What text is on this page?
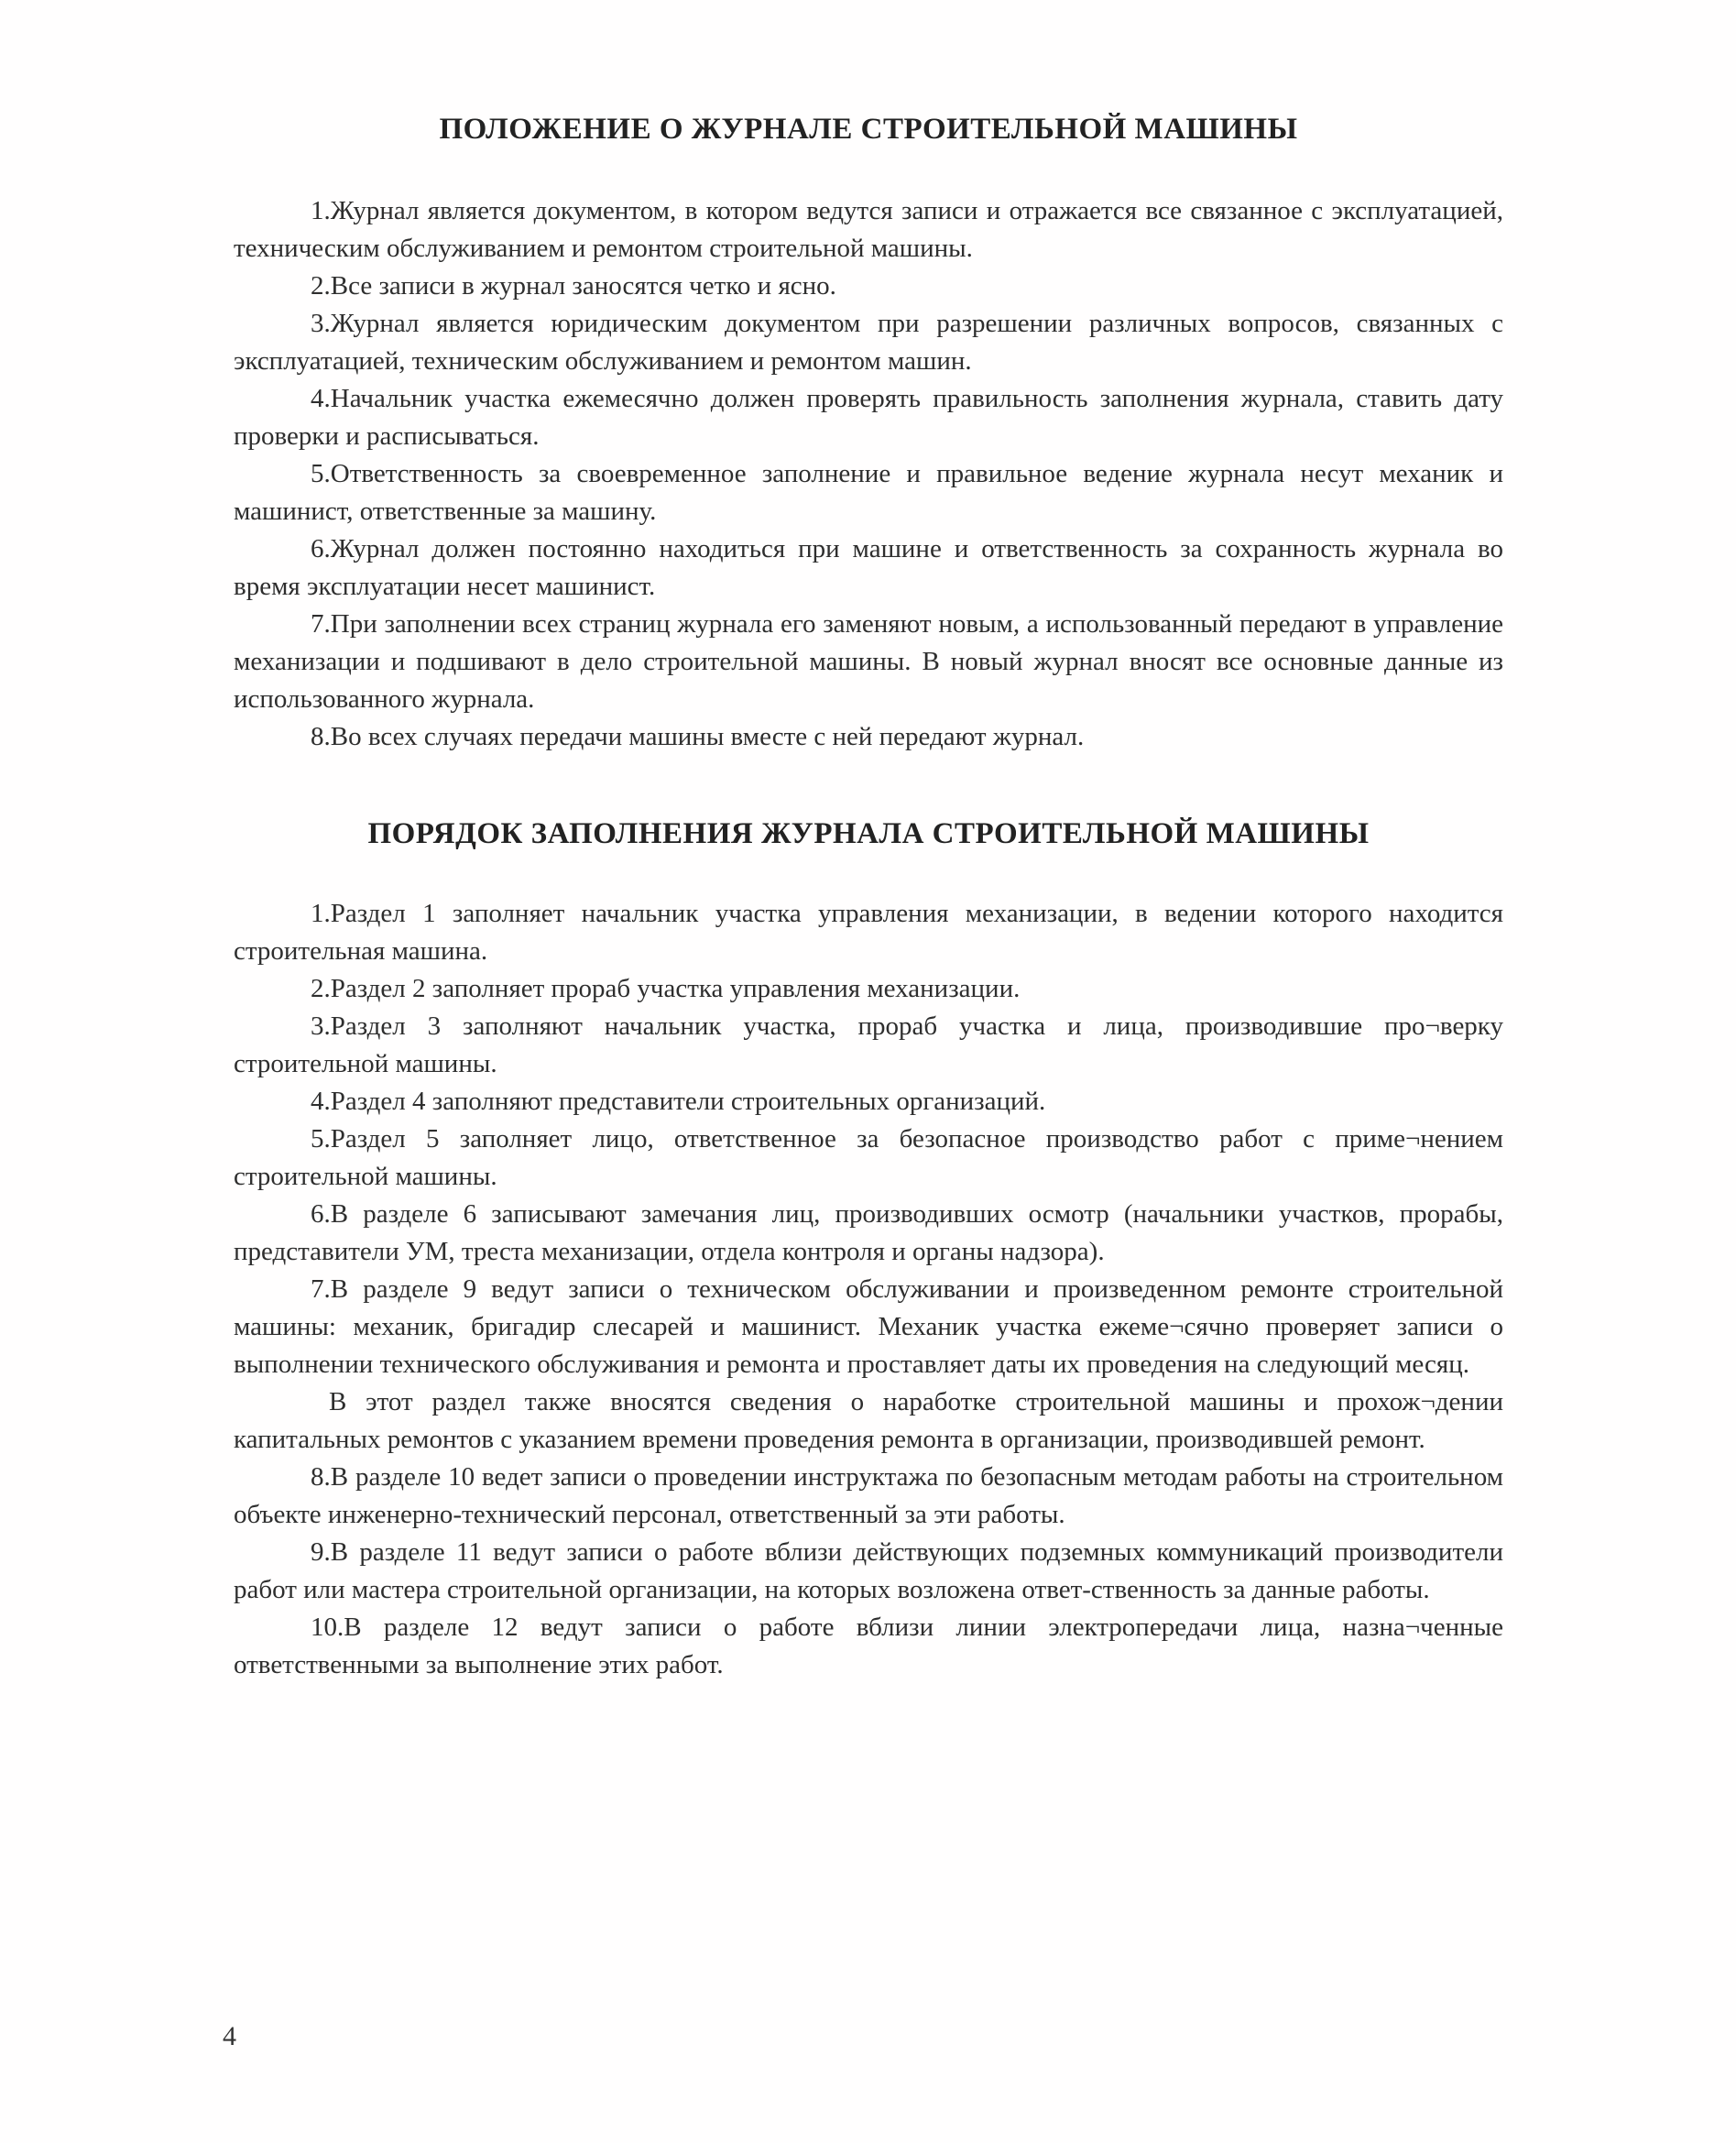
ПОЛОЖЕНИЕ О ЖУРНАЛЕ СТРОИТЕЛЬНОЙ МАШИНЫ

1.Журнал является документом, в котором ведутся записи и отражается все связанное с эксплуатацией, техническим обслуживанием и ремонтом строительной машины.

2.Все записи в журнал заносятся четко и ясно.

3.Журнал является юридическим документом при разрешении различных вопросов, связанных с эксплуатацией, техническим обслуживанием и ремонтом машин.

4.Начальник участка ежемесячно должен проверять правильность заполнения журнала, ставить дату проверки и расписываться.

5.Ответственность за своевременное заполнение и правильное ведение журнала несут механик и машинист, ответственные за машину.

6.Журнал должен постоянно находиться при машине и ответственность за сохранность журнала во время эксплуатации несет машинист.

7.При заполнении всех страниц журнала его заменяют новым, а использованный передают в управление механизации и подшивают в дело строительной машины. В новый журнал вносят все основные данные из использованного журнала.

8.Во всех случаях передачи машины вместе с ней передают журнал.

ПОРЯДОК ЗАПОЛНЕНИЯ ЖУРНАЛА СТРОИТЕЛЬНОЙ МАШИНЫ

1.Раздел 1 заполняет начальник участка управления механизации, в ведении которого находится строительная машина.

2.Раздел 2 заполняет прораб участка управления механизации.

3.Раздел 3 заполняют начальник участка, прораб участка и лица, производившие про¬верку строительной машины.

4.Раздел 4 заполняют представители строительных организаций.

5.Раздел 5 заполняет лицо, ответственное за безопасное производство работ с приме¬нением строительной машины.

6.В разделе 6 записывают замечания лиц, производивших осмотр (начальники участков, прорабы, представители УМ, треста механизации, отдела контроля и органы надзора).

7.В разделе 9 ведут записи о техническом обслуживании и произведенном ремонте строительной машины: механик, бригадир слесарей и машинист. Механик участка ежеме¬сячно проверяет записи о выполнении технического обслуживания и ремонта и проставляет даты их проведения на следующий месяц.

В этот раздел также вносятся сведения о наработке строительной машины и прохож¬дении капитальных ремонтов с указанием времени проведения ремонта в организации, производившей ремонт.

8.В разделе 10 ведет записи о проведении инструктажа по безопасным методам работы на строительном объекте инженерно-технический персонал, ответственный за эти работы.

9.В разделе 11 ведут записи о работе вблизи действующих подземных коммуникаций производители работ или мастера строительной организации, на которых возложена ответ-ственность за данные работы.

10.В разделе 12 ведут записи о работе вблизи линии электропередачи лица, назна¬ченные ответственными за выполнение этих работ.

4
